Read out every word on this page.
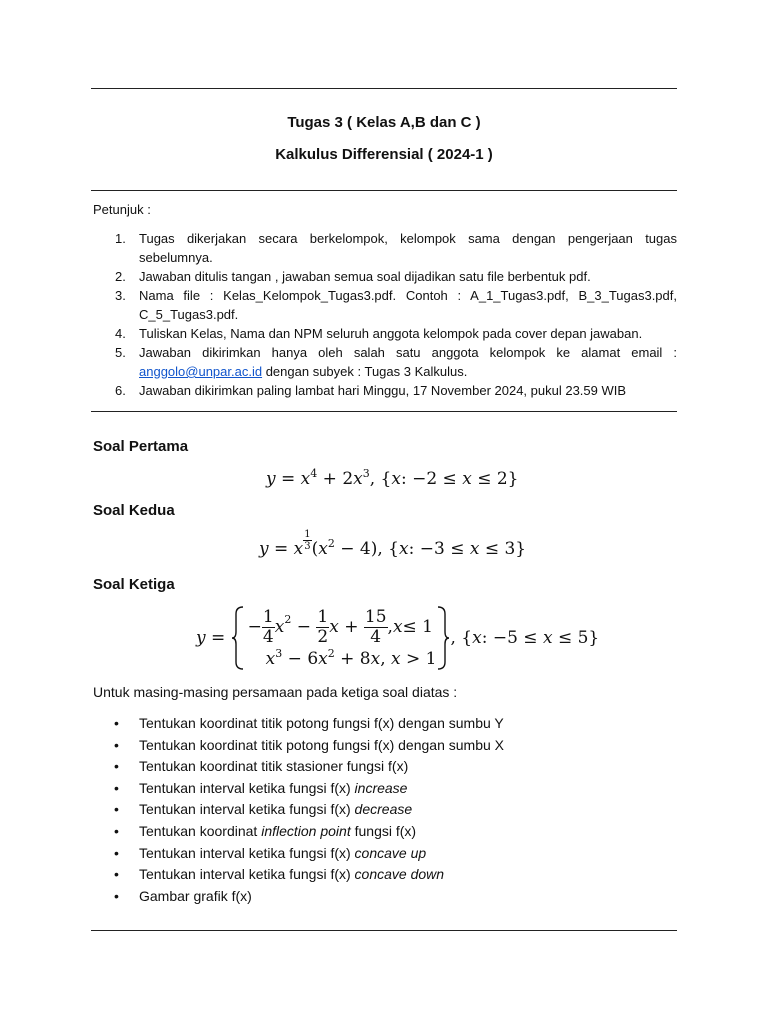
Tugas 3 ( Kelas A,B dan C )
Kalkulus Differensial ( 2024-1 )
Petunjuk :
1. Tugas dikerjakan secara berkelompok, kelompok sama dengan pengerjaan tugas sebelumnya.
2. Jawaban ditulis tangan , jawaban semua soal dijadikan satu file berbentuk pdf.
3. Nama file : Kelas_Kelompok_Tugas3.pdf. Contoh : A_1_Tugas3.pdf, B_3_Tugas3.pdf, C_5_Tugas3.pdf.
4. Tuliskan Kelas, Nama dan NPM seluruh anggota kelompok pada cover depan jawaban.
5. Jawaban dikirimkan hanya oleh salah satu anggota kelompok ke alamat email : anggolo@unpar.ac.id dengan subyek : Tugas 3 Kalkulus.
6. Jawaban dikirimkan paling lambat hari Minggu, 17 November 2024, pukul 23.59 WIB
Soal Pertama
$y = x^4 + 2x^3$, {x: −2 ≤ x ≤ 2}
Soal Kedua
y = x $\frac{1}{3} (x^2 - 4)$, {x: −3 ≤ x ≤ 3}
Soal Ketiga
y =
− $\frac{1}{4}$ x $2 - \frac{1}{2}$ $x + \frac{15}{4}$ , x ≤ 1
$x^3 - 6x^2 + 8x$, x > 1
, {x: −5 ≤ x ≤ 5}
Untuk masing-masing persamaan pada ketiga soal diatas :
• Tentukan koordinat titik potong fungsi f(x) dengan sumbu Y
• Tentukan koordinat titik potong fungsi f(x) dengan sumbu X
• Tentukan koordinat titik stasioner fungsi f(x)
• Tentukan interval ketika fungsi f(x) increase
• Tentukan interval ketika fungsi f(x) decrease
• Tentukan koordinat inflection point fungsi f(x)
• Tentukan interval ketika fungsi f(x) concave up
• Tentukan interval ketika fungsi f(x) concave down
• Gambar grafik f(x)
